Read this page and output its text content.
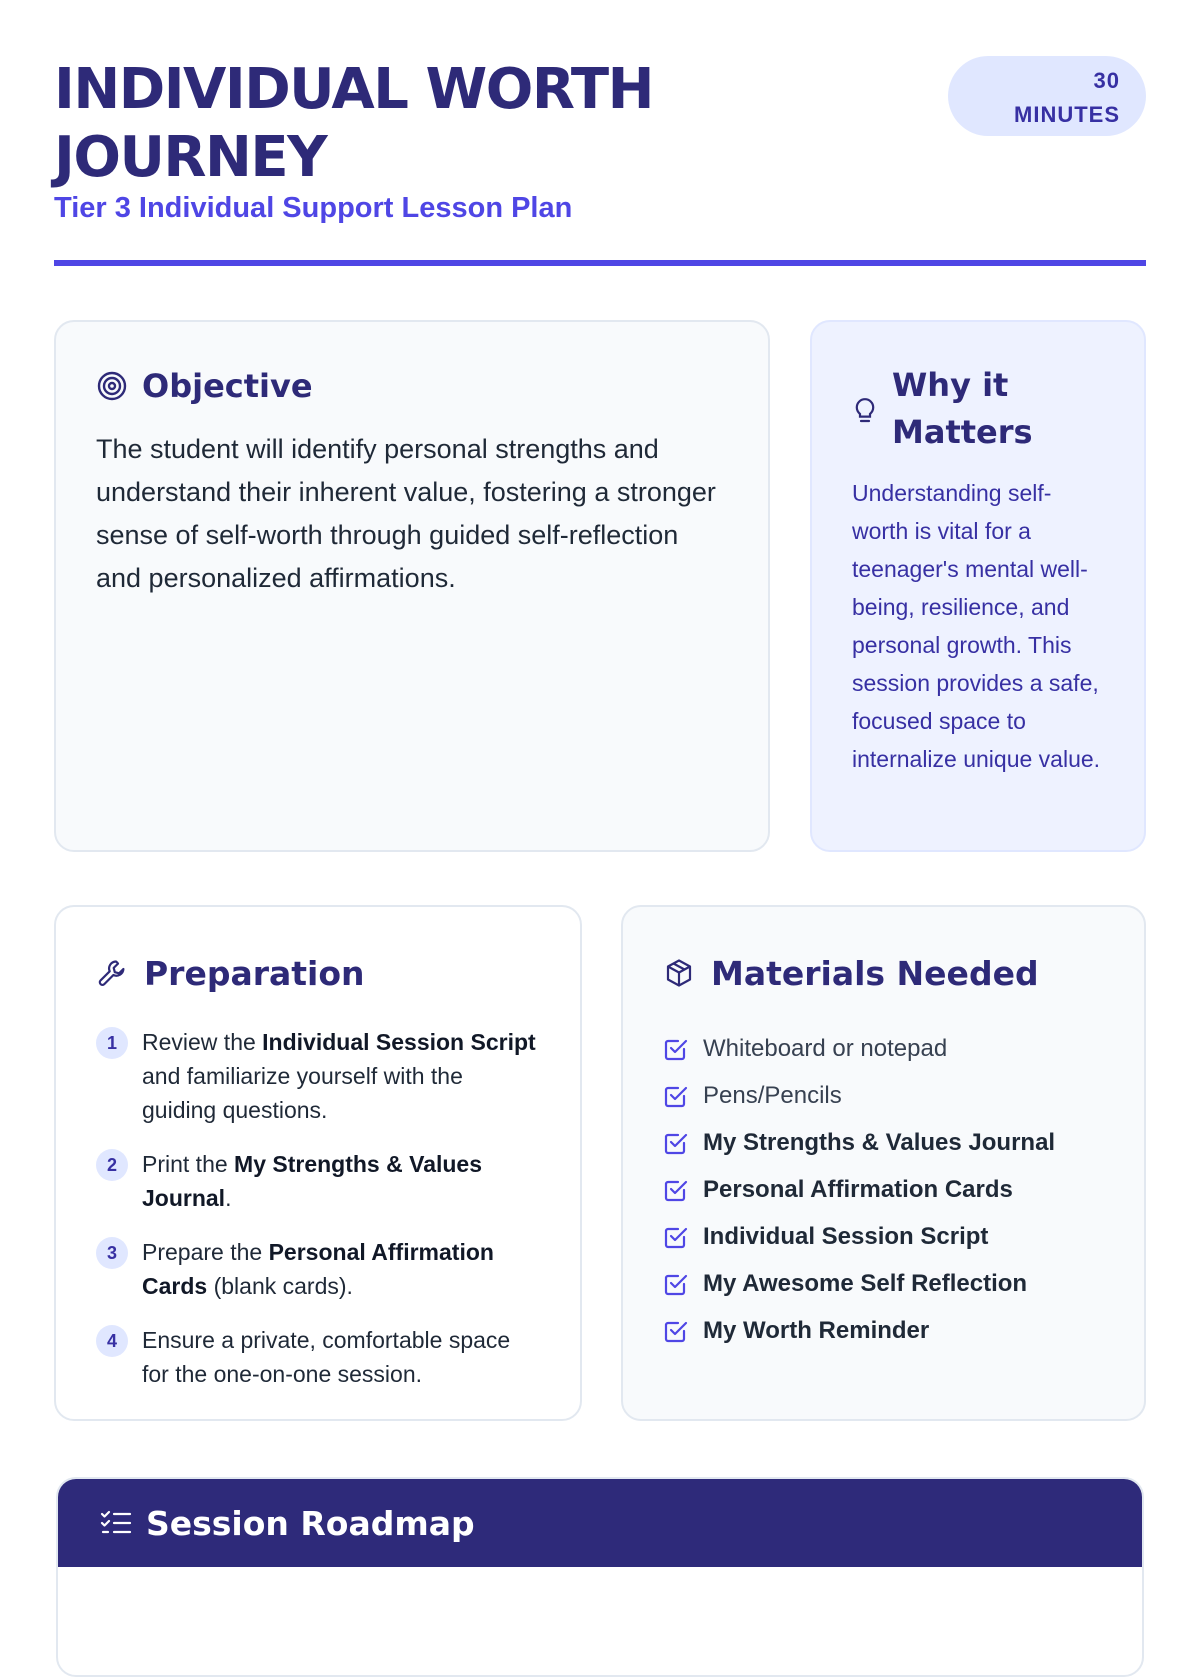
INDIVIDUAL WORTH JOURNEY
Tier 3 Individual Support Lesson Plan
30
MINUTES
Objective

The student will identify personal strengths and understand their inherent value, fostering a stronger sense of self-worth through guided self-reflection and personalized affirmations.

Why it Matters

Understanding self-worth is vital for a teenager's mental well-being, resilience, and personal growth. This session provides a safe, focused space to internalize unique value.

Preparation
1	Review the Individual Session Script and familiarize yourself with the guiding questions.
2	Print the My Strengths & Values Journal.
3	Prepare the Personal Affirmation Cards (blank cards).
4	Ensure a private, comfortable space for the one-on-one session.
Materials Needed
Whiteboard or notepad
Pens/Pencils
My Strengths & Values Journal
Personal Affirmation Cards
Individual Session Script
My Awesome Self Reflection
My Worth Reminder
Session Roadmap
